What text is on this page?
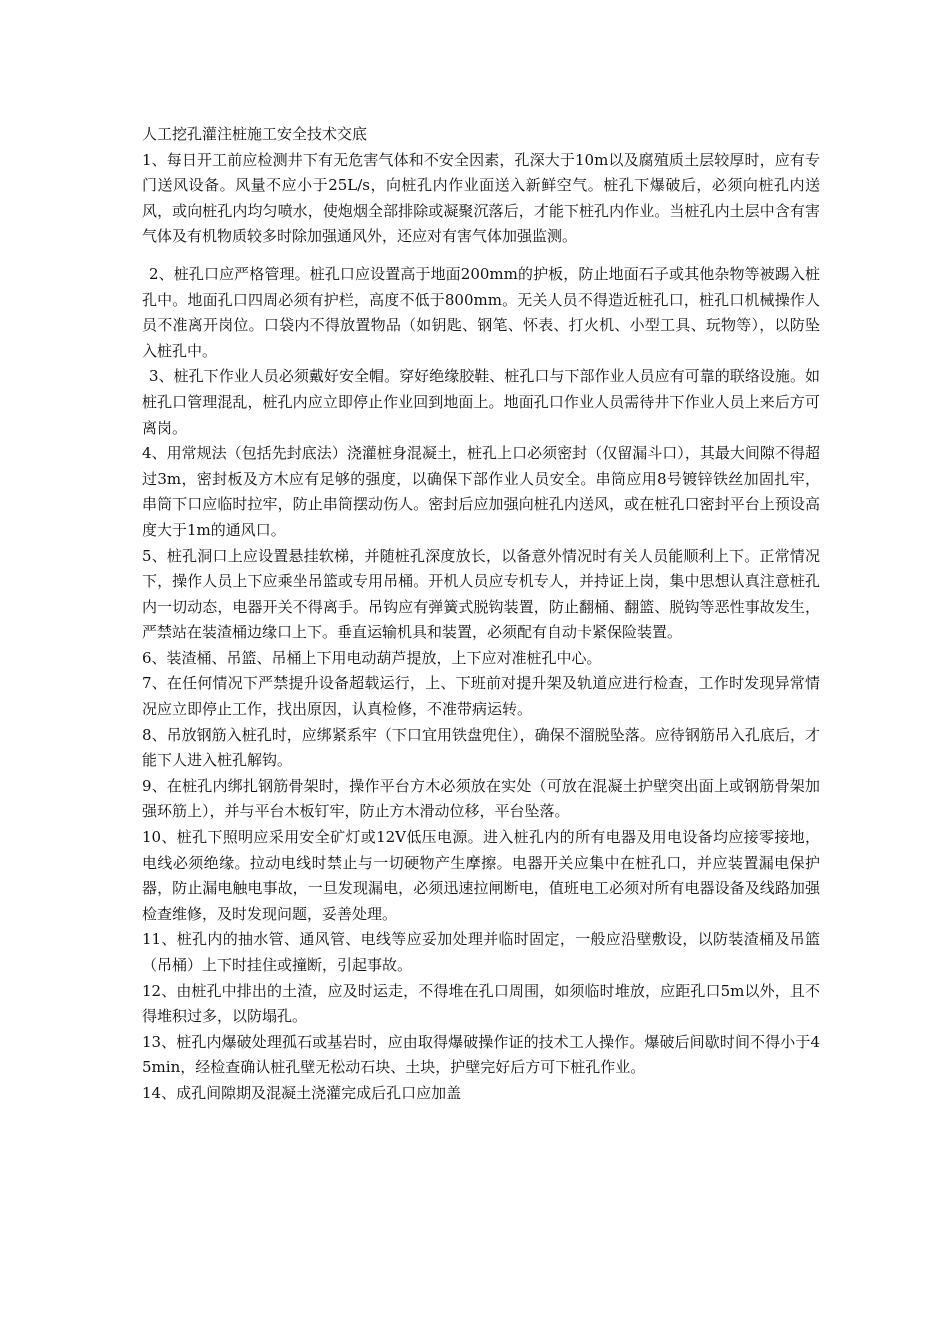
人工挖孔灌注桩施工安全技术交底

1、每日开工前应检测井下有无危害气体和不安全因素，孔深大于10m以及腐殖质土层较厚时，应有专门送风设备。风量不应小于25L/s，向桩孔内作业面送入新鲜空气。桩孔下爆破后，必须向桩孔内送风，或向桩孔内均匀喷水，使炮烟全部排除或凝聚沉落后，才能下桩孔内作业。当桩孔内土层中含有害气体及有机物质较多时除加强通风外，还应对有害气体加强监测。

2、桩孔口应严格管理。桩孔口应设置高于地面200mm的护板，防止地面石子或其他杂物等被踢入桩孔中。地面孔口四周必须有护栏，高度不低于800mm。无关人员不得造近桩孔口，桩孔口机械操作人员不准离开岗位。口袋内不得放置物品（如钥匙、钢笔、怀表、打火机、小型工具、玩物等），以防坠入桩孔中。

3、桩孔下作业人员必须戴好安全帽。穿好绝缘胶鞋、桩孔口与下部作业人员应有可靠的联络设施。如桩孔口管理混乱，桩孔内应立即停止作业回到地面上。地面孔口作业人员需待井下作业人员上来后方可离岗。

4、用常规法（包括先封底法）浇灌桩身混凝土，桩孔上口必须密封（仅留漏斗口），其最大间隙不得超过3m，密封板及方木应有足够的强度，以确保下部作业人员安全。串筒应用8号镀锌铁丝加固扎牢，串筒下口应临时拉牢，防止串筒摆动伤人。密封后应加强向桩孔内送风，或在桩孔口密封平台上预设高度大于1m的通风口。

5、桩孔洞口上应设置悬挂软梯，并随桩孔深度放长，以备意外情况时有关人员能顺利上下。正常情况下，操作人员上下应乘坐吊篮或专用吊桶。开机人员应专机专人，并持证上岗，集中思想认真注意桩孔内一切动态，电器开关不得离手。吊钩应有弹簧式脱钩装置，防止翻桶、翻篮、脱钩等恶性事故发生，严禁站在装渣桶边缘口上下。垂直运输机具和装置，必须配有自动卡紧保险装置。

6、装渣桶、吊篮、吊桶上下用电动葫芦提放，上下应对准桩孔中心。

7、在任何情况下严禁提升设备超载运行，上、下班前对提升架及轨道应进行检查，工作时发现异常情况应立即停止工作，找出原因，认真检修，不准带病运转。

8、吊放钢筋入桩孔时，应绑紧系牢（下口宜用铁盘兜住），确保不溜脱坠落。应待钢筋吊入孔底后，才能下人进入桩孔解钩。

9、在桩孔内绑扎钢筋骨架时，操作平台方木必须放在实处（可放在混凝土护壁突出面上或钢筋骨架加强环筋上），并与平台木板钉牢，防止方木滑动位移，平台坠落。

10、桩孔下照明应采用安全矿灯或12V低压电源。进入桩孔内的所有电器及用电设备均应接零接地，电线必须绝缘。拉动电线时禁止与一切硬物产生摩擦。电器开关应集中在桩孔口，并应装置漏电保护器，防止漏电触电事故，一旦发现漏电，必须迅速拉闸断电，值班电工必须对所有电器设备及线路加强检查维修，及时发现问题，妥善处理。

11、桩孔内的抽水管、通风管、电线等应妥加处理并临时固定，一般应沿壁敷设，以防装渣桶及吊篮（吊桶）上下时挂住或撞断，引起事故。

12、由桩孔中排出的土渣，应及时运走，不得堆在孔口周围，如须临时堆放，应距孔口5m以外，且不得堆积过多，以防塌孔。

13、桩孔内爆破处理孤石或基岩时，应由取得爆破操作证的技术工人操作。爆破后间歇时间不得小于45min，经检查确认桩孔壁无松动石块、土块，护壁完好后方可下桩孔作业。

14、成孔间隙期及混凝土浇灌完成后孔口应加盖
